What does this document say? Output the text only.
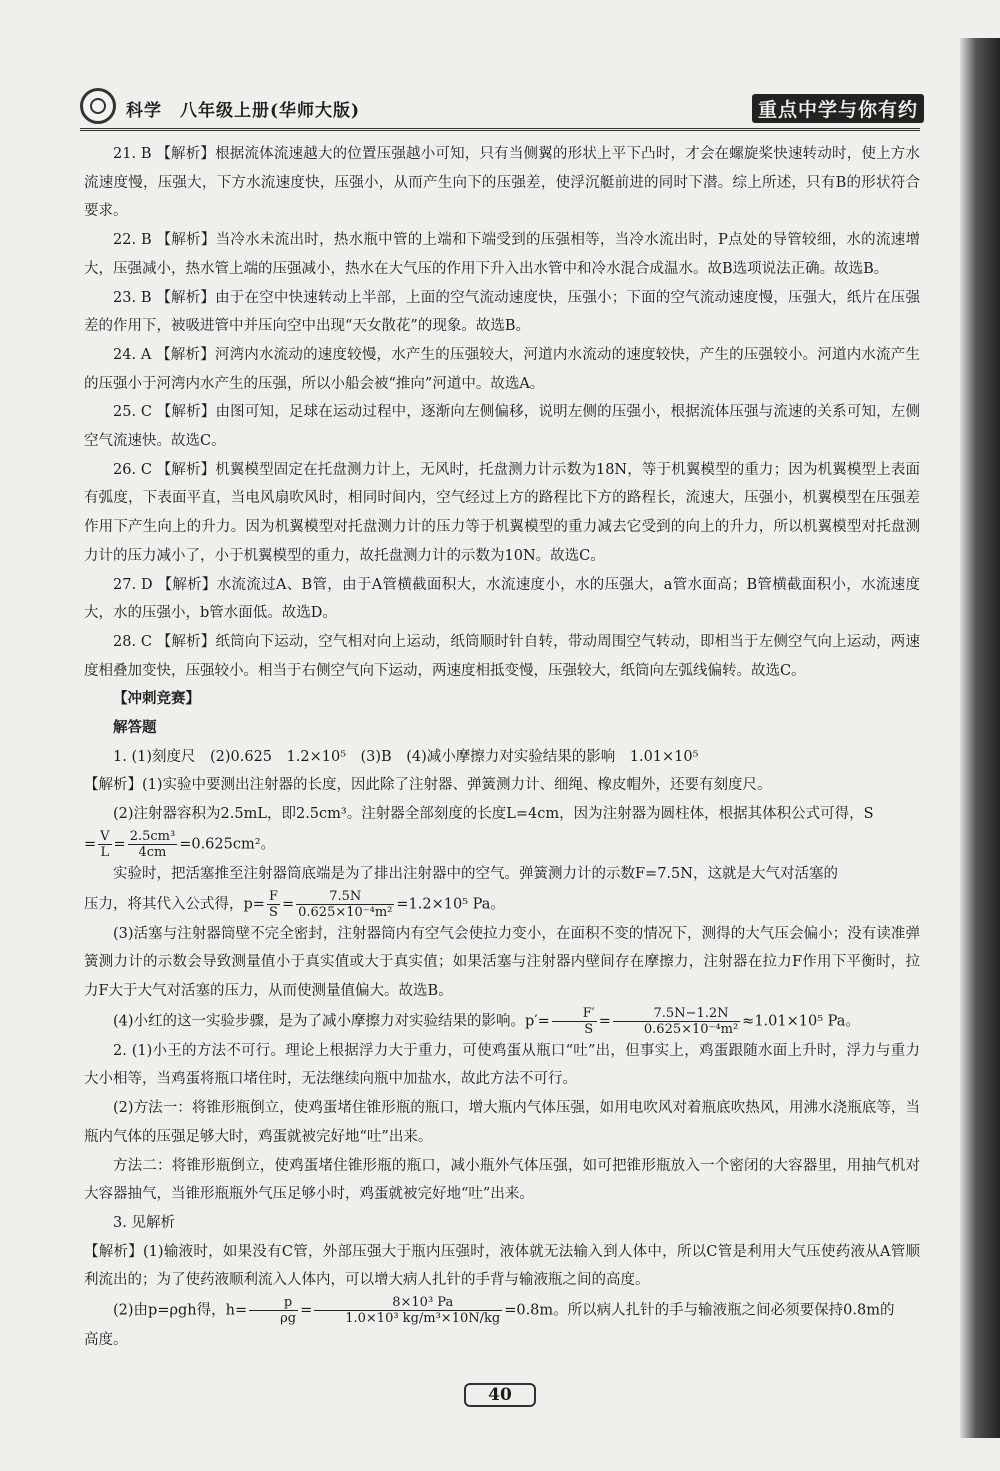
科学 八年级上册(华师大版)	重点中学与你有约

21. B 【解析】根据流体流速越大的位置压强越小可知，只有当侧翼的形状上平下凸时，才会在螺旋桨快速转动时，使上方水流速度慢，压强大，下方水流速度快，压强小，从而产生向下的压强差，使浮沉艇前进的同时下潜。综上所述，只有B的形状符合要求。

22. B 【解析】当冷水未流出时，热水瓶中管的上端和下端受到的压强相等，当冷水流出时，P点处的导管较细，水的流速增大，压强减小，热水管上端的压强减小，热水在大气压的作用下升入出水管中和冷水混合成温水。故B选项说法正确。故选B。

23. B 【解析】由于在空中快速转动上半部，上面的空气流动速度快，压强小；下面的空气流动速度慢，压强大，纸片在压强差的作用下，被吸进管中并压向空中出现“天女散花”的现象。故选B。

24. A 【解析】河湾内水流动的速度较慢，水产生的压强较大，河道内水流动的速度较快，产生的压强较小。河道内水流产生的压强小于河湾内水产生的压强，所以小船会被“推向”河道中。故选A。

25. C 【解析】由图可知，足球在运动过程中，逐渐向左侧偏移，说明左侧的压强小，根据流体压强与流速的关系可知，左侧空气流速快。故选C。

26. C 【解析】机翼模型固定在托盘测力计上，无风时，托盘测力计示数为18N，等于机翼模型的重力；因为机翼模型上表面有弧度，下表面平直，当电风扇吹风时，相同时间内，空气经过上方的路程比下方的路程长，流速大，压强小，机翼模型在压强差作用下产生向上的升力。因为机翼模型对托盘测力计的压力等于机翼模型的重力减去它受到的向上的升力，所以机翼模型对托盘测力计的压力减小了，小于机翼模型的重力，故托盘测力计的示数为10N。故选C。

27. D 【解析】水流流过A、B管，由于A管横截面积大，水流速度小，水的压强大，a管水面高；B管横截面积小，水流速度大，水的压强小，b管水面低。故选D。

28. C 【解析】纸筒向下运动，空气相对向上运动，纸筒顺时针自转，带动周围空气转动，即相当于左侧空气向上运动，两速度相叠加变快，压强较小。相当于右侧空气向下运动，两速度相抵变慢，压强较大，纸筒向左弧线偏转。故选C。

【冲刺竞赛】

解答题

1. (1)刻度尺　(2)0.625　1.2×10⁵　(3)B　(4)减小摩擦力对实验结果的影响　1.01×10⁵

【解析】(1)实验中要测出注射器的长度，因此除了注射器、弹簧测力计、细绳、橡皮帽外，还要有刻度尺。

(2)注射器容积为2.5mL，即2.5cm³。注射器全部刻度的长度L=4cm，因为注射器为圆柱体，根据其体积公式可得，S

= $\frac{V}{L} = \frac{\text{2.5cm³}}{4cm} =0.625cm^2$。

实验时，把活塞推至注射器筒底端是为了排出注射器中的空气。弹簧测力计的示数F=7.5N，这就是大气对活塞的

压力，将其代入公式得，$p= \frac{F}{S} = \frac{7.5N}{\text{0.625×10⁻⁴m²}} =1.2\times 10^5$ Pa。

(3)活塞与注射器筒壁不完全密封，注射器筒内有空气会使拉力变小，在面积不变的情况下，测得的大气压会偏小；没有读准弹簧测力计的示数会导致测量值小于真实值或大于真实值；如果活塞与注射器内壁间存在摩擦力，注射器在拉力F作用下平衡时，拉力F大于大气对活塞的压力，从而使测量值偏大。故选B。

(4)小红的这一实验步骤，是为了减小摩擦力对实验结果的影响。$p'= \frac{F'}{S} = \frac{7.5N-1.2N}{\text{0.625×10⁻⁴m²}} \approx 1.01\times 10^5$ Pa。

2. (1)小王的方法不可行。理论上根据浮力大于重力，可使鸡蛋从瓶口“吐”出，但事实上，鸡蛋跟随水面上升时，浮力与重力大小相等，当鸡蛋将瓶口堵住时，无法继续向瓶中加盐水，故此方法不可行。

(2)方法一：将锥形瓶倒立，使鸡蛋堵住锥形瓶的瓶口，增大瓶内气体压强，如用电吹风对着瓶底吹热风，用沸水浇瓶底等，当瓶内气体的压强足够大时，鸡蛋就被完好地“吐”出来。

方法二：将锥形瓶倒立，使鸡蛋堵住锥形瓶的瓶口，减小瓶外气体压强，如可把锥形瓶放入一个密闭的大容器里，用抽气机对大容器抽气，当锥形瓶瓶外气压足够小时，鸡蛋就被完好地“吐”出来。

3. 见解析

【解析】(1)输液时，如果没有C管，外部压强大于瓶内压强时，液体就无法输入到人体中，所以C管是利用大气压使药液从A管顺利流出的；为了使药液顺利流入人体内，可以增大病人扎针的手背与输液瓶之间的高度。

(2)由p=ρgh得，$h= \frac{p}{\rho g} = \frac{\text{8×10³ Pa}}{\text{1.0×10³ kg/m³×10N/kg}} =0.8m$。所以病人扎针的手与输液瓶之间必须要保持0.8m的

高度。

40
